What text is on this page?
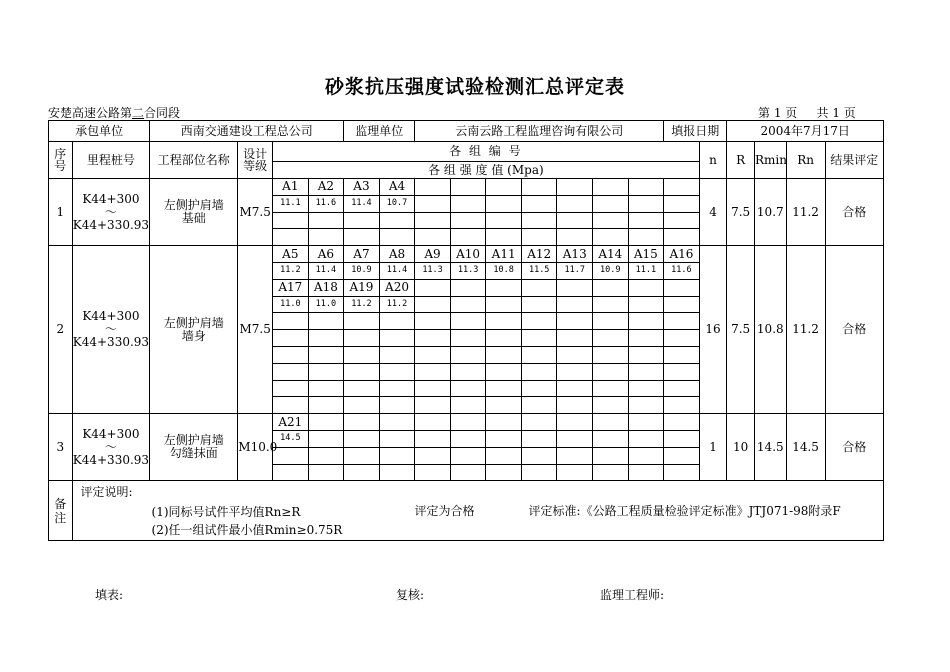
砂浆抗压强度试验检测汇总评定表
安楚高速公路第二合同段	第 1 页 共 1 页
承包单位		西南交通建设工程总公司				监理单位		云南云路工程监理咨询有限公司							填报日期		2004年7月17日			
序号	里程桩号	工程部位名称	设计等级	各 组 编 号												n	R	Rmin	Rn	结果评定
				各 组 强 度 值 (Mpa)																
1	K44+300
～
K44+330.93	左侧护肩墙基础	M7.5	A1	A2	A3	A4									4	7.5	10.7	11.2	合格
				11.1	11.6	11.4	10.7													

2	K44+300
～
K44+330.93	左侧护肩墙墙身	M7.5	A5	A6	A7	A8	A9	A10	A11	A12	A13	A14	A15	A16	16	7.5	10.8	11.2	合格
				11.2	11.4	10.9	11.4	11.3	11.3	10.8	11.5	11.7	10.9	11.1	11.6					
				A17	A18	A19	A20													
				11.0	11.0	11.2	11.2													

3	K44+300
～
K44+330.93	左侧护肩墙勾缝抹面	M10.0	A21												1	10	14.5	14.5	合格
				14.5																

备注	评定说明:
(1)同标号试件平均值Rn≥R
(2)任一组试件最小值Rmin≥0.75R
评定为合格 评定标准:《公路工程质量检验评定标准》JTJ071-98附录F																			
填表:	复核:	监理工程师:
